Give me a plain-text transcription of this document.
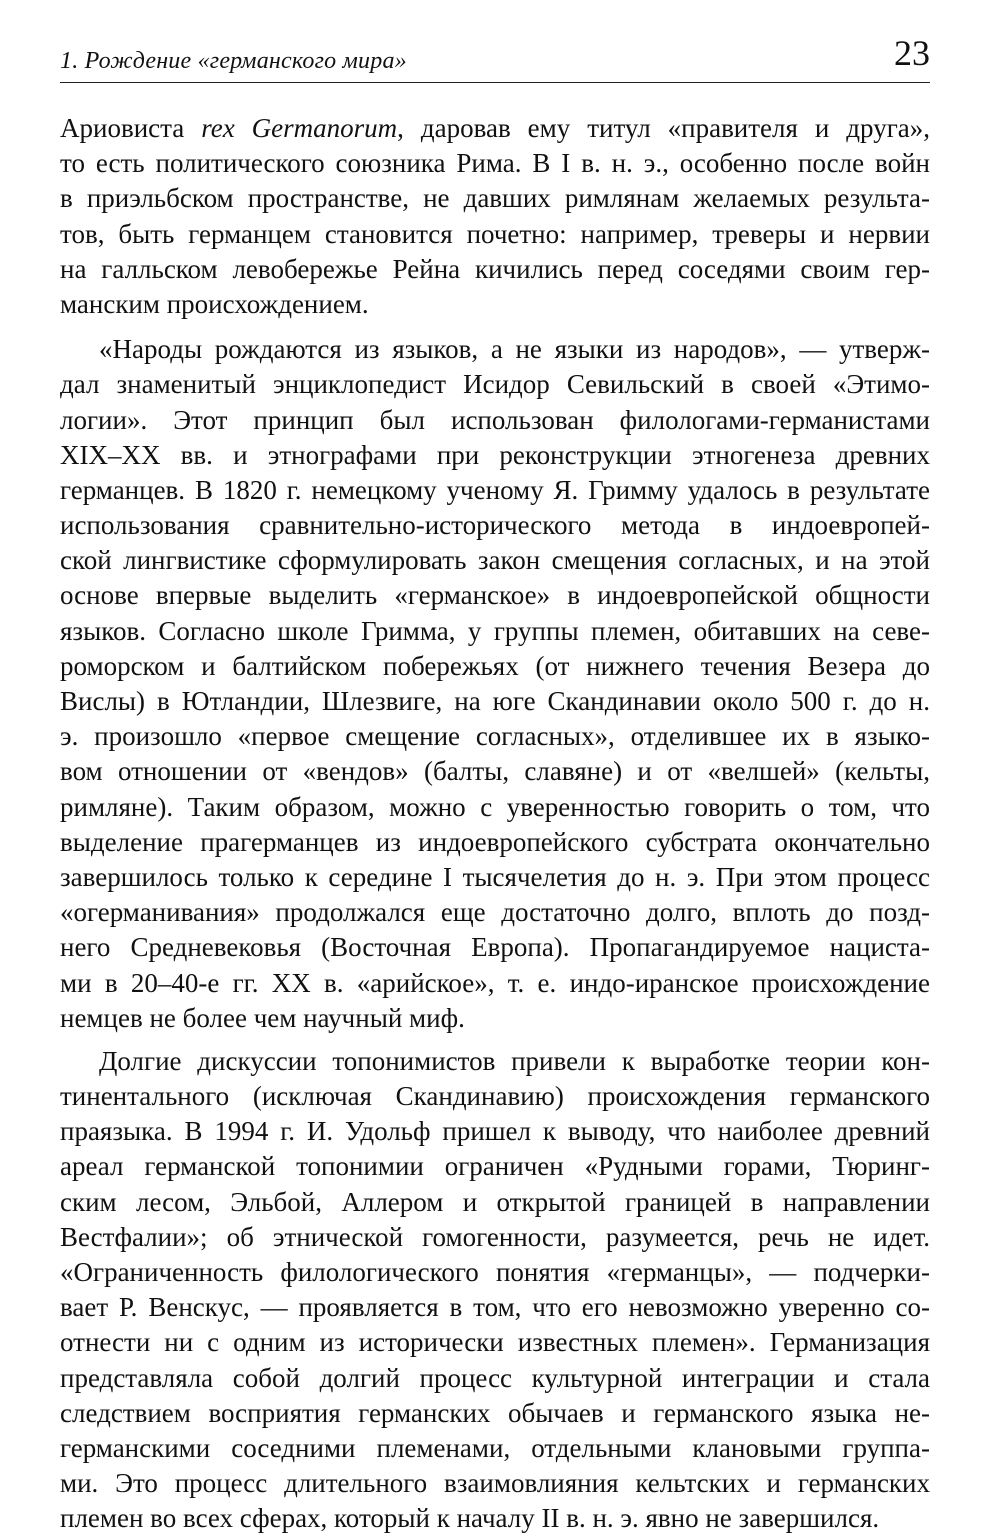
1. Рождение «германского мира»	23
Ариовиста rex Germanorum, даровав ему титул «правителя и друга»,
то есть политического союзника Рима. В I в. н. э., особенно после войн
в приэльбском пространстве, не давших римлянам желаемых результа-
тов, быть германцем становится почетно: например, треверы и нервии
на галльском левобережье Рейна кичились перед соседями своим гер-
манским происхождением.
«Народы рождаются из языков, а не языки из народов», — утверж-
дал знаменитый энциклопедист Исидор Севильский в своей «Этимо-
логии». Этот принцип был использован филологами-германистами
XIX–XX вв. и этнографами при реконструкции этногенеза древних
германцев. В 1820 г. немецкому ученому Я. Гримму удалось в результате
использования сравнительно-исторического метода в индоевропей-
ской лингвистике сформулировать закон смещения согласных, и на этой
основе впервые выделить «германское» в индоевропейской общности
языков. Согласно школе Гримма, у группы племен, обитавших на севе-
роморском и балтийском побережьях (от нижнего течения Везера до
Вислы) в Ютландии, Шлезвиге, на юге Скандинавии около 500 г. до н.
э. произошло «первое смещение согласных», отделившее их в языко-
вом отношении от «вендов» (балты, славяне) и от «велшей» (кельты,
римляне). Таким образом, можно с уверенностью говорить о том, что
выделение прагерманцев из индоевропейского субстрата окончательно
завершилось только к середине I тысячелетия до н. э. При этом процесс
«огерманивания» продолжался еще достаточно долго, вплоть до позд-
него Средневековья (Восточная Европа). Пропагандируемое нациста-
ми в 20–40-е гг. XX в. «арийское», т. е. индо-иранское происхождение
немцев не более чем научный миф.
Долгие дискуссии топонимистов привели к выработке теории кон-
тинентального (исключая Скандинавию) происхождения германского
праязыка. В 1994 г. И. Удольф пришел к выводу, что наиболее древний
ареал германской топонимии ограничен «Рудными горами, Тюринг-
ским лесом, Эльбой, Аллером и открытой границей в направлении
Вестфалии»; об этнической гомогенности, разумеется, речь не идет.
«Ограниченность филологического понятия «германцы», — подчерки-
вает Р. Венскус, — проявляется в том, что его невозможно уверенно со-
отнести ни с одним из исторически известных племен». Германизация
представляла собой долгий процесс культурной интеграции и стала
следствием восприятия германских обычаев и германского языка не-
германскими соседними племенами, отдельными клановыми группа-
ми. Это процесс длительного взаимовлияния кельтских и германских
племен во всех сферах, который к началу II в. н. э. явно не завершился.
